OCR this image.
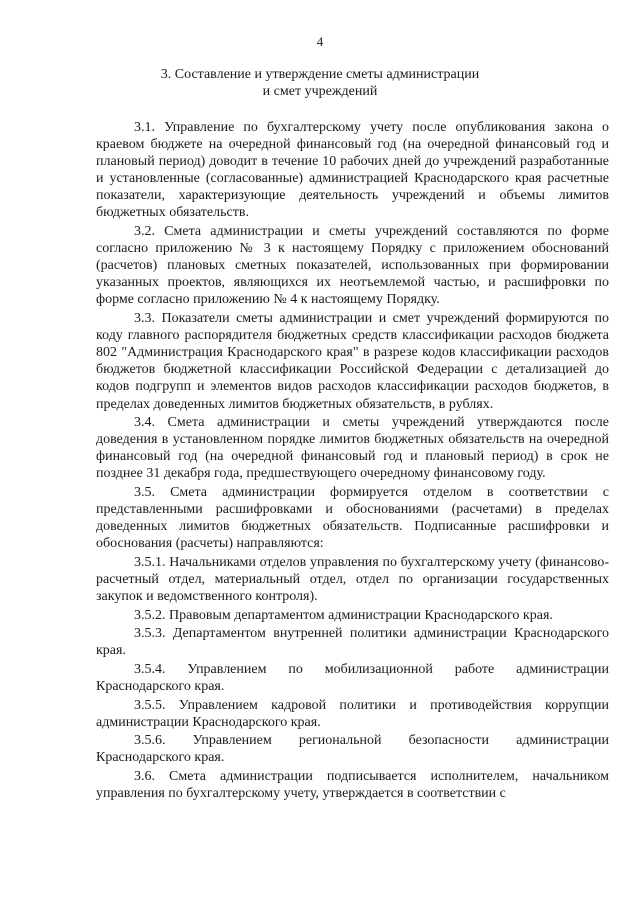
4
3. Составление и утверждение сметы администрации
и смет учреждений

3.1. Управление по бухгалтерскому учету после опубликования закона о краевом бюджете на очередной финансовый год (на очередной финансовый год и плановый период) доводит в течение 10 рабочих дней до учреждений разработанные и установленные (согласованные) администрацией Краснодарского края расчетные показатели, характеризующие деятельность учреждений и объемы лимитов бюджетных обязательств.

3.2. Смета администрации и сметы учреждений составляются по форме согласно приложению № 3 к настоящему Порядку с приложением обоснований (расчетов) плановых сметных показателей, использованных при формировании указанных проектов, являющихся их неотъемлемой частью, и расшифровки по форме согласно приложению № 4 к настоящему Порядку.

3.3. Показатели сметы администрации и смет учреждений формируются по коду главного распорядителя бюджетных средств классификации расходов бюджета 802 "Администрация Краснодарского края" в разрезе кодов классификации расходов бюджетов бюджетной классификации Российской Федерации с детализацией до кодов подгрупп и элементов видов расходов классификации расходов бюджетов, в пределах доведенных лимитов бюджетных обязательств, в рублях.

3.4. Смета администрации и сметы учреждений утверждаются после доведения в установленном порядке лимитов бюджетных обязательств на очередной финансовый год (на очередной финансовый год и плановый период) в срок не позднее 31 декабря года, предшествующего очередному финансовому году.

3.5. Смета администрации формируется отделом в соответствии с представленными расшифровками и обоснованиями (расчетами) в пределах доведенных лимитов бюджетных обязательств. Подписанные расшифровки и обоснования (расчеты) направляются:

3.5.1. Начальниками отделов управления по бухгалтерскому учету (финансово-расчетный отдел, материальный отдел, отдел по организации государственных закупок и ведомственного контроля).

3.5.2. Правовым департаментом администрации Краснодарского края.

3.5.3. Департаментом внутренней политики администрации Краснодарского края.

3.5.4. Управлением по мобилизационной работе администрации Краснодарского края.

3.5.5. Управлением кадровой политики и противодействия коррупции администрации Краснодарского края.

3.5.6. Управлением региональной безопасности администрации Краснодарского края.

3.6. Смета администрации подписывается исполнителем, начальником управления по бухгалтерскому учету, утверждается в соответствии с
